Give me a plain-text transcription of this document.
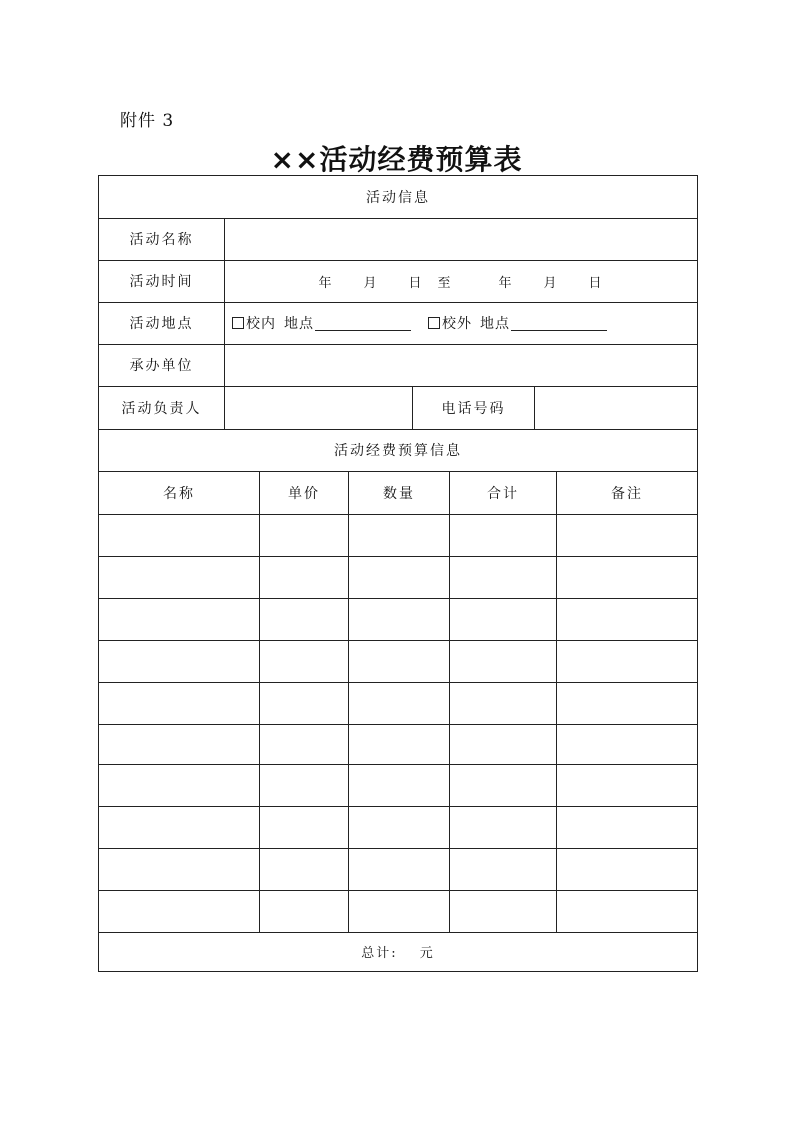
附件 3
××活动经费预算表
活动信息
活动名称
活动时间	年 月 日 至	年 月 日
活动地点	校内 地点	校外 地点
承办单位
活动负责人	电话号码
活动经费预算信息
名称	单价	数量	合计	备注
总计: 元
